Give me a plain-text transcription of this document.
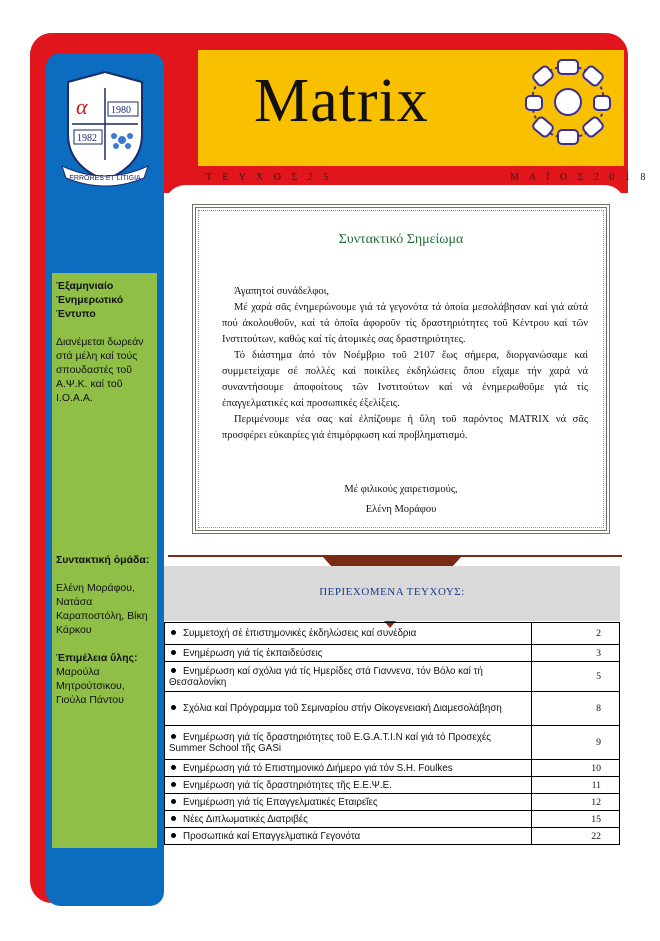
α 1980
1982
ERRORES ET LITIGIA
Matrix
Τ Ε Υ Χ Ο Σ 2 5	Μ Α Ϊ Ο Σ 2 0 1 8

Έξαμηνιαίο Ένημερωτικό Έντυπο

Διανέμεται δωρεάν στά μέλη καί τούς σπουδαστές τοῦ Α.Ψ.Κ. καί τοῦ Ι.Ο.Α.Α.

Συντακτική ὁμάδα:

Ελένη Μοράφου, Νατάσα Καραποστόλη, Βίκη Κάρκου

Έπιμέλεια ὕλης:

Μαρούλα Μητρούτσικου, Γιούλα Πάντου

Συντακτικό Σημείωμα

Άγαπητοί συνάδελφοι,

Μέ χαρά σᾶς ἐνημερώνουμε γιά τά γεγονότα τά ὁποία μεσολάβησαν καί γιά αὐτά πού ἀκολουθοῦν, καί τά ὁποῖα ἀφοροῦν τίς δραστηριότητες τοῦ Κέντρου καί τῶν Ινστιτούτων, καθώς καί τίς ἀτομικές σας δραστηριότητες.

Τό διάστημα ἀπό τόν Νοέμβριο τοῦ 2107 ἕως σήμερα, διοργανώσαμε καί συμμετείχαμε σέ πολλές καί ποικίλες ἐκδηλώσεις ὅπου εἴχαμε τήν χαρά νά συναντήσουμε ἀποφοίτους τῶν Ινστιτούτων καί νά ἐνημερωθοῦμε γιά τίς ἐπαγγελματικές καί προσωπικές ἐξελίξεις.

Περιμένουμε νέα σας καί ἐλπίζουμε ἡ ὕλη τοῦ παρόντος MATRIX νά σᾶς προσφέρει εὐκαιρίες γιά ἐπιμόρφωση καί προβληματισμό.

Μέ φιλικούς χαιρετισμούς,
Ελένη Μοράφου
ΠΕΡΙΕΧΟΜΕΝΑ ΤΕΥΧΟΥΣ:
Συμμετοχή σέ ἐπιστημονικές ἐκδηλώσεις καί συνέδρια	2
Ενημέρωση γιά τίς ἐκπαιδεύσεις	3
Ενημέρωση καί σχόλια γιά τίς Ημερίδες στά Γιαννενα, τόν Βόλο καί τή Θεσσαλονίκη	5
Σχόλια καί Πρόγραμμα τοῦ Σεμιναρίου στήν Οἰκογενειακή Διαμεσολάβηση	8
Ενημέρωση γιά τίς δραστηριότητες τοῦ E.G.A.T.I.N καί γιά τό Προσεχές Summer School τῆς GASi	9
Ενημέρωση γιά τό Επιστημονικό Διήμερο γιά τόν S.H. Foulkes	10
Ενημέρωση γιά τίς δραστηριότητες τῆς Ε.Ε.Ψ.Ε.	11
Ενημέρωση γιά τίς Επαγγελματικές Εταιρεῖες	12
Νέες Διπλωματικές Διατριβές	15
Προσωπικά καί Επαγγελματικά Γεγονότα	22
